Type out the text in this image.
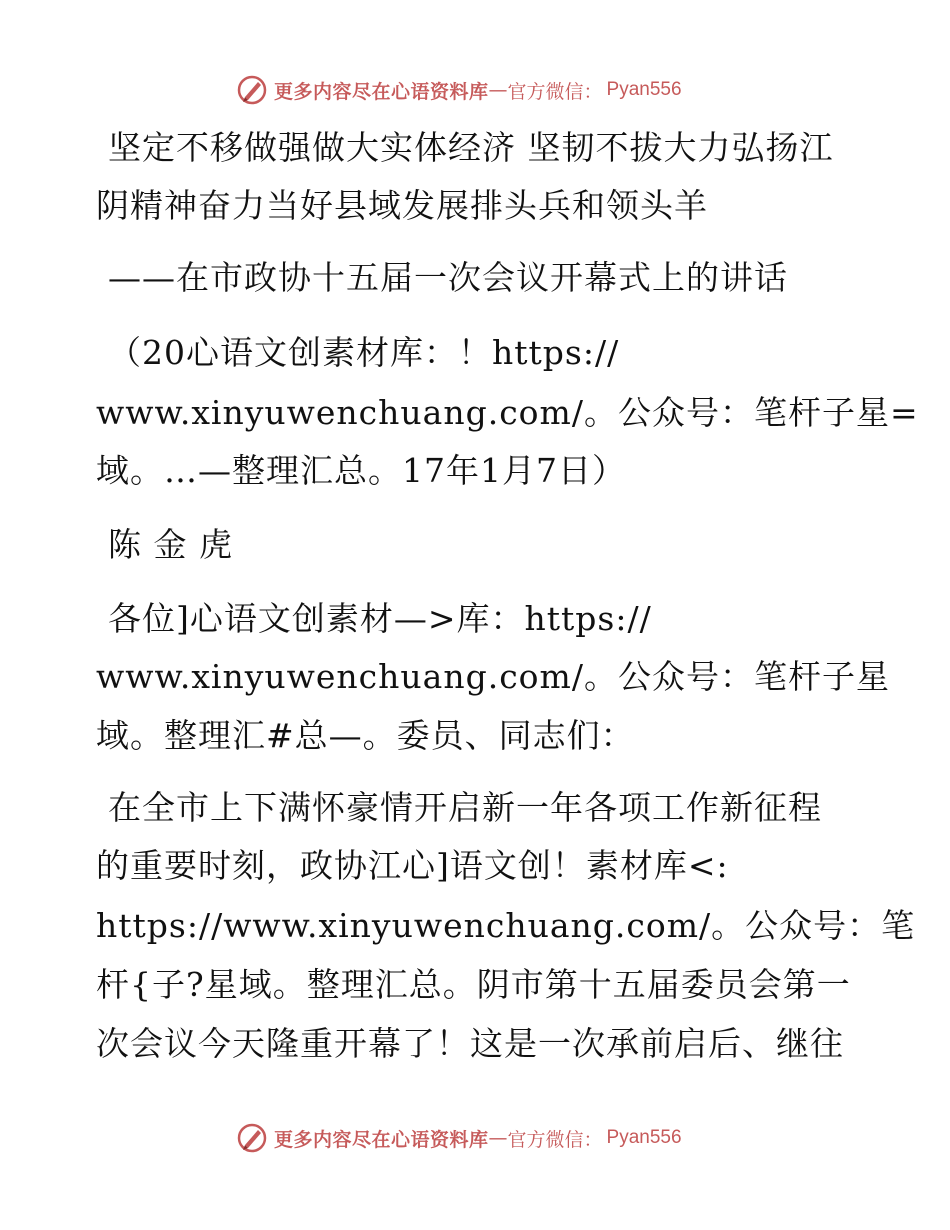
更多内容尽在心语资料库 — 官方微信： Pyan556
坚定不移做强做大实体经济 坚韧不拔大力弘扬江
阴精神奋力当好县域发展排头兵和领头羊
——在市政协十五届一次会议开幕式上的讲话
（20心语文创素材库：！https://
www.xinyuwenchuang.com/。公众号：笔杆子星=
域。…—整理汇总。17年1月7日）
陈 金 虎
各位]心语文创素材—>库：https://
www.xinyuwenchuang.com/。公众号：笔杆子星
域。整理汇#总—。委员、同志们：
在全市上下满怀豪情开启新一年各项工作新征程
的重要时刻，政协江心]语文创！素材库<:
https://www.xinyuwenchuang.com/。公众号：笔
杆{子?星域。整理汇总。阴市第十五届委员会第一
次会议今天隆重开幕了！这是一次承前启后、继往
更多内容尽在心语资料库 — 官方微信： Pyan556
